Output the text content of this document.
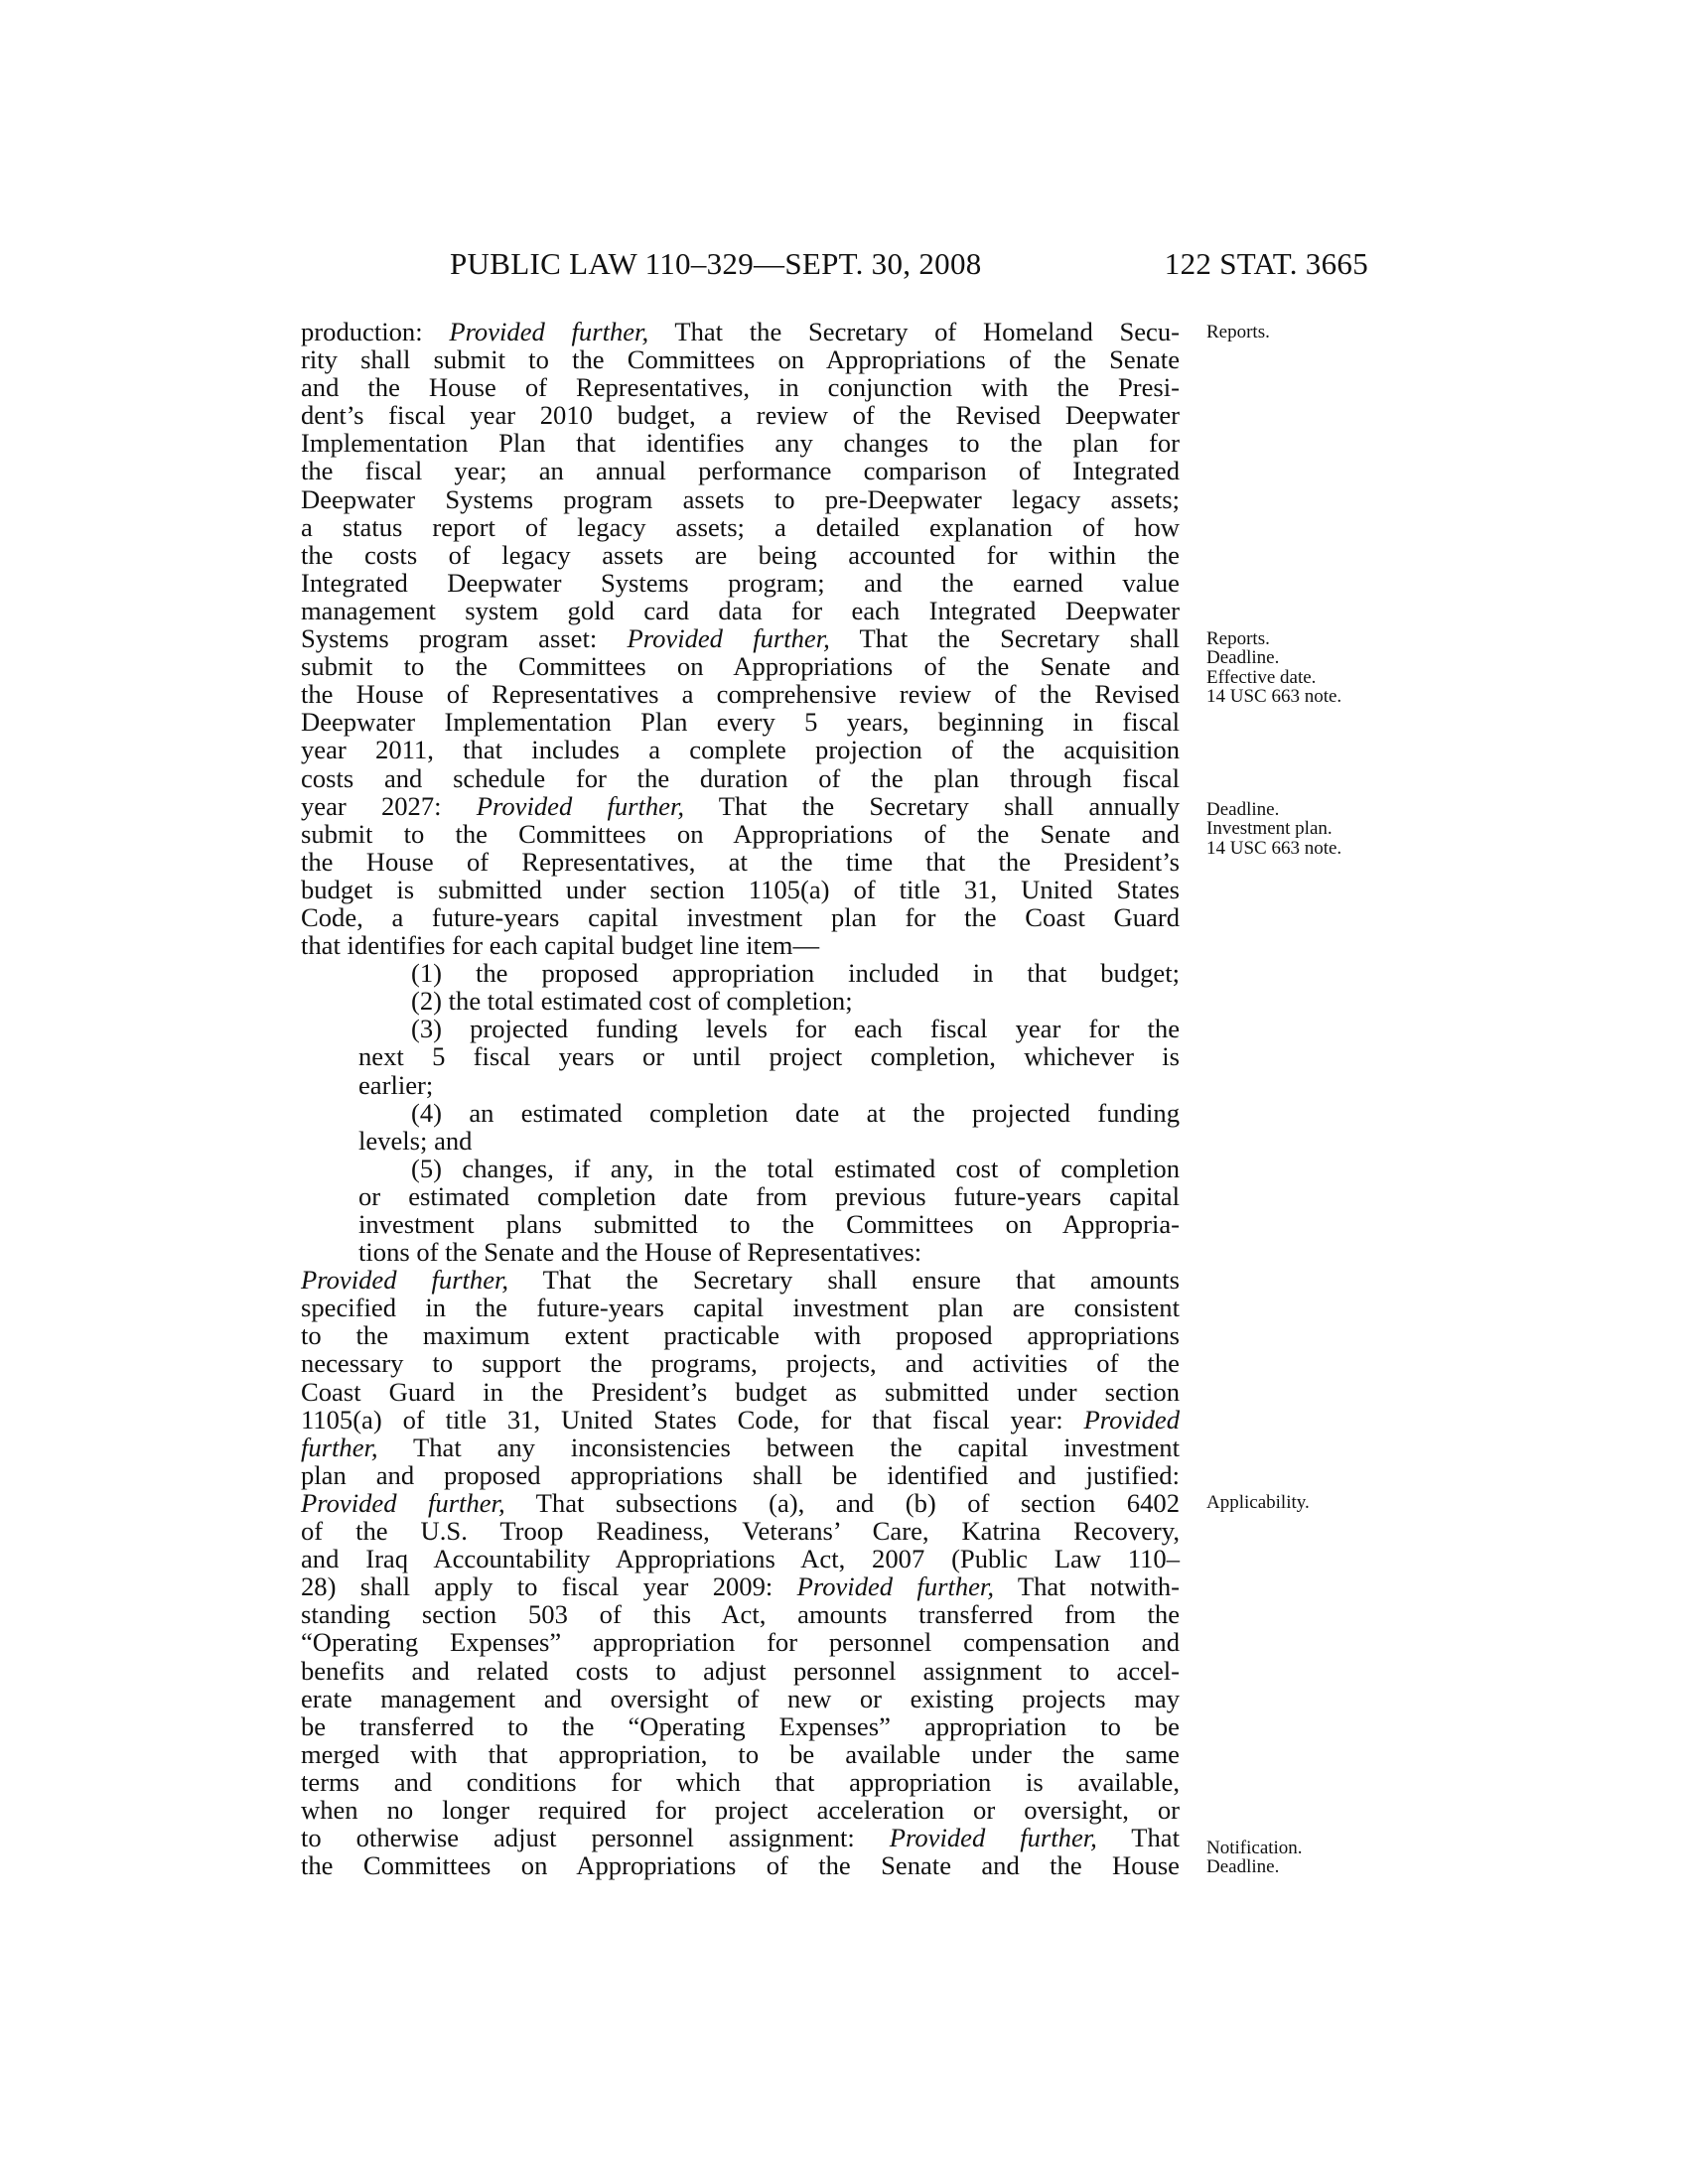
PUBLIC LAW 110–329—SEPT. 30, 2008	122 STAT. 3665
production: Provided further, That the Secretary of Homeland Secu-
rity shall submit to the Committees on Appropriations of the Senate
and the House of Representatives, in conjunction with the Presi-
dent’s fiscal year 2010 budget, a review of the Revised Deepwater
Implementation Plan that identifies any changes to the plan for
the fiscal year; an annual performance comparison of Integrated
Deepwater Systems program assets to pre-Deepwater legacy assets;
a status report of legacy assets; a detailed explanation of how
the costs of legacy assets are being accounted for within the
Integrated Deepwater Systems program; and the earned value
management system gold card data for each Integrated Deepwater
Systems program asset: Provided further, That the Secretary shall
submit to the Committees on Appropriations of the Senate and
the House of Representatives a comprehensive review of the Revised
Deepwater Implementation Plan every 5 years, beginning in fiscal
year 2011, that includes a complete projection of the acquisition
costs and schedule for the duration of the plan through fiscal
year 2027: Provided further, That the Secretary shall annually
submit to the Committees on Appropriations of the Senate and
the House of Representatives, at the time that the President’s
budget is submitted under section 1105(a) of title 31, United States
Code, a future-years capital investment plan for the Coast Guard
that identifies for each capital budget line item—
(1) the proposed appropriation included in that budget;
(2) the total estimated cost of completion;
(3) projected funding levels for each fiscal year for the
next 5 fiscal years or until project completion, whichever is
earlier;
(4) an estimated completion date at the projected funding
levels; and
(5) changes, if any, in the total estimated cost of completion
or estimated completion date from previous future-years capital
investment plans submitted to the Committees on Appropria-
tions of the Senate and the House of Representatives:
Provided further, That the Secretary shall ensure that amounts
specified in the future-years capital investment plan are consistent
to the maximum extent practicable with proposed appropriations
necessary to support the programs, projects, and activities of the
Coast Guard in the President’s budget as submitted under section
1105(a) of title 31, United States Code, for that fiscal year: Provided
further, That any inconsistencies between the capital investment
plan and proposed appropriations shall be identified and justified:
Provided further, That subsections (a), and (b) of section 6402
of the U.S. Troop Readiness, Veterans’ Care, Katrina Recovery,
and Iraq Accountability Appropriations Act, 2007 (Public Law 110–
28) shall apply to fiscal year 2009: Provided further, That notwith-
standing section 503 of this Act, amounts transferred from the
“Operating Expenses” appropriation for personnel compensation and
benefits and related costs to adjust personnel assignment to accel-
erate management and oversight of new or existing projects may
be transferred to the “Operating Expenses” appropriation to be
merged with that appropriation, to be available under the same
terms and conditions for which that appropriation is available,
when no longer required for project acceleration or oversight, or
to otherwise adjust personnel assignment: Provided further, That
the Committees on Appropriations of the Senate and the House
Reports.
Reports.
Deadline.
Effective date.
14 USC 663 note.
Deadline.
Investment plan.
14 USC 663 note.
Applicability.
Notification.
Deadline.
